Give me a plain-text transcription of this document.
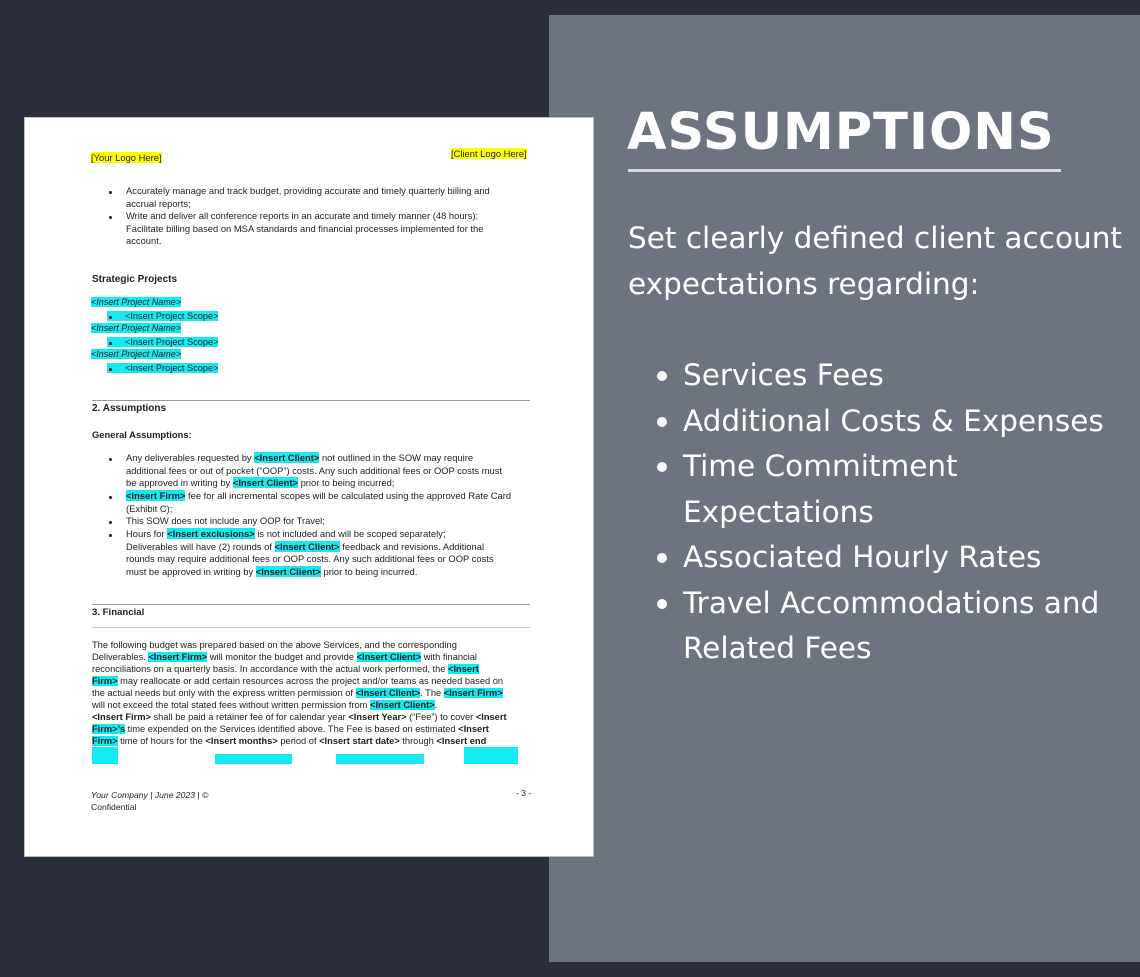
ASSUMPTIONS

Set clearly defined client account expectations regarding:

Services Fees
Additional Costs & Expenses
Time Commitment Expectations
Associated Hourly Rates
Travel Accommodations and Related Fees
[Your Logo Here]	[Client Logo Here]
Accurately manage and track budget, providing accurate and timely quarterly billing and
accrual reports;
Write and deliver all conference reports in an accurate and timely manner (48 hours);
Facilitate billing based on MSA standards and financial processes implemented for the
account.
Strategic Projects
<Insert Project Name>
<Insert Project Scope>
<Insert Project Name>
<Insert Project Scope>
<Insert Project Name>
<Insert Project Scope>
2. Assumptions
General Assumptions:
Any deliverables requested by <Insert Client> not outlined in the SOW may require
additional fees or out of pocket (“OOP”) costs. Any such additional fees or OOP costs must
be approved in writing by <Insert Client> prior to being incurred;
<Insert Firm> fee for all incremental scopes will be calculated using the approved Rate Card
(Exhibit C);
This SOW does not include any OOP for Travel;
Hours for <Insert exclusions> is not included and will be scoped separately;
Deliverables will have (2) rounds of <Insert Client> feedback and revisions. Additional
rounds may require additional fees or OOP costs. Any such additional fees or OOP costs
must be approved in writing by <Insert Client> prior to being incurred.
3. Financial
The following budget was prepared based on the above Services, and the corresponding
Deliverables. <Insert Firm> will monitor the budget and provide <Insert Client> with financial
reconciliations on a quarterly basis. In accordance with the actual work performed, the <Insert
Firm> may reallocate or add certain resources across the project and/or teams as needed based on
the actual needs but only with the express written permission of <Insert Client>. The <Insert Firm>
will not exceed the total stated fees without written permission from <Insert Client>.
<Insert Firm> shall be paid a retainer fee of for calendar year <Insert Year> (“Fee”) to cover <Insert
Firm>’s time expended on the Services identified above. The Fee is based on estimated <Insert
Firm> time of hours for the <Insert months> period of <Insert start date> through <Insert end
Your Company | June 2023 | ©
Confidential
- 3 -
